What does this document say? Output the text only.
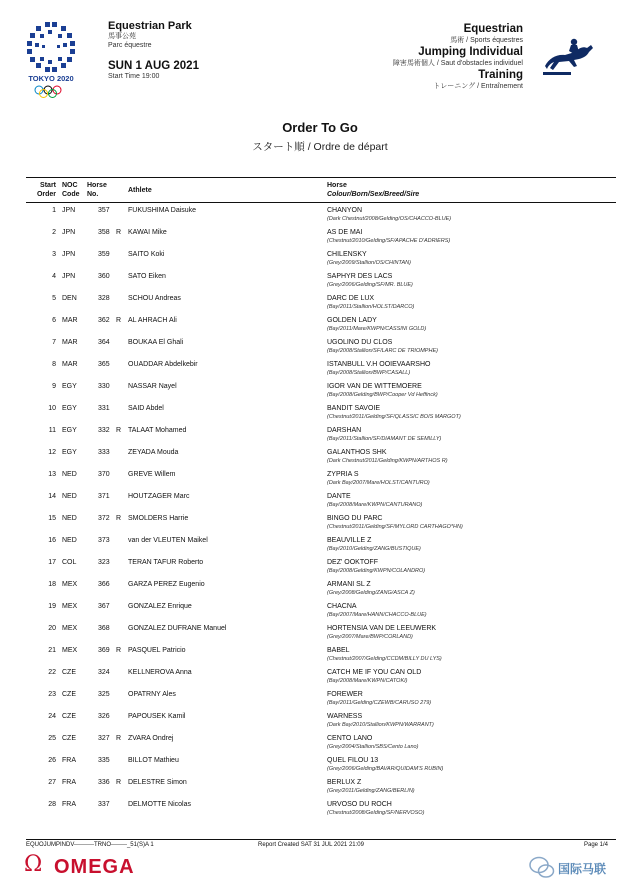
TOKYO 2020
Equestrian Park
馬事公苑
Parc équestre
SUN 1 AUG 2021
Start Time 19:00
Equestrian
馬術 / Sports équestres
Jumping Individual
障害馬術個人 / Saut d'obstacles individuel
Training
トレーニング / Entraînement
Order To Go
スタート順 / Ordre de départ
Start
Order
NOC
Code
Horse
No.
Athlete
Horse
Colour/Born/Sex/Breed/Sire
1 JPN	357	FUKUSHIMA Daisuke	CHANYON
(Dark Chestnut/2008/Gelding/OS/CHACCO-BLUE)
2 JPN	358 R KAWAI Mike	AS DE MAI
(Chestnut/2010/Gelding/SF/APACHE D'ADRIERS)
3 JPN	359	SAITO Koki	CHILENSKY
(Grey/2009/Stallion/OS/CHINTAN)
4 JPN	360	SATO Eiken	SAPHYR DES LACS
(Grey/2006/Gelding/SF/MR. BLUE)
5 DEN	328	SCHOU Andreas	DARC DE LUX
(Bay/2011/Stallion/HOLST/DARCO)
6 MAR	362 R AL AHRACH Ali	GOLDEN LADY
(Bay/2011/Mare/KWPN/CASSINI GOLD)
7 MAR	364	BOUKAA El Ghali	UGOLINO DU CLOS
(Bay/2008/Stallion/SF/LARC DE TRIOMPHE)
8 MAR	365	OUADDAR Abdelkebir	ISTANBULL V.H OOIEVAARSHO
(Bay/2008/Stallion/BWP/CASALL)
9 EGY	330	NASSAR Nayel	IGOR VAN DE WITTEMOERE
(Bay/2008/Gelding/BWP/Cooper Vd Heffinck)
10 EGY	331	SAID Abdel	BANDIT SAVOIE
(Chestnut/2011/Gelding/SF/QLASSIC BOIS MARGOT)
11 EGY	332 R TALAAT Mohamed	DARSHAN
(Bay/2011/Stallion/SF/DIAMANT DE SEMILLY)
12 EGY	333	ZEYADA Mouda	GALANTHOS SHK
(Dark Chestnut/2011/Gelding/KWPN/ARTHOS R)
13 NED	370	GREVE Willem	ZYPRIA S
(Dark Bay/2007/Mare/HOLST/CANTURO)
14 NED	371	HOUTZAGER Marc	DANTE
(Bay/2008/Mare/KWPN/CANTURANO)
15 NED	372 R SMOLDERS Harrie	BINGO DU PARC
(Chestnut/2011/Gelding/SF/MYLORD CARTHAGO*HN)
16 NED	373	van der VLEUTEN Maikel	BEAUVILLE Z
(Bay/2010/Gelding/ZANG/BUSTIQUE)
17 COL	323	TERAN TAFUR Roberto	DEZ' OOKTOFF
(Bay/2008/Gelding/KWPN/COLANDRO)
18 MEX	366	GARZA PEREZ Eugenio	ARMANI SL Z
(Grey/2008/Gelding/ZANG/ASCA Z)
19 MEX	367	GONZALEZ Enrique	CHACNA
(Bay/2007/Mare/HANN/CHACCO-BLUE)
20 MEX	368	GONZALEZ DUFRANE Manuel	HORTENSIA VAN DE LEEUWERK
(Grey/2007/Mare/BWP/CORLAND)
21 MEX	369 R PASQUEL Patricio	BABEL
(Chestnut/2007/Gelding/CCDM/BILLY DU LYS)
22 CZE	324	KELLNEROVA Anna	CATCH ME IF YOU CAN OLD
(Bay/2008/Mare/KWPN/CATOKI)
23 CZE	325	OPATRNY Ales	FOREWER
(Bay/2011/Gelding/CZEWB/CARUSO 279)
24 CZE	326	PAPOUSEK Kamil	WARNESS
(Dark Bay/2010/Stallion/KWPN/WARRANT)
25 CZE	327 R ZVARA Ondrej	CENTO LANO
(Grey/2004/Stallion/SBS/Cento Lano)
26 FRA	335	BILLOT Mathieu	QUEL FILOU 13
(Grey/2006/Gelding/BAVAR/QUIDAM'S RUBIN)
27 FRA	336 R DELESTRE Simon	BERLUX Z
(Grey/2011/Gelding/ZANG/BERLIN)
28 FRA	337	DELMOTTE Nicolas	URVOSO DU ROCH
(Chestnut/2008/Gelding/SF/NERVOSO)
EQUOJUMPINDV----------TRNO--------_51(S)A 1	Report Created SAT 31 JUL 2021 21:09	Page 1/4
Ω OMEGA	国际马联
